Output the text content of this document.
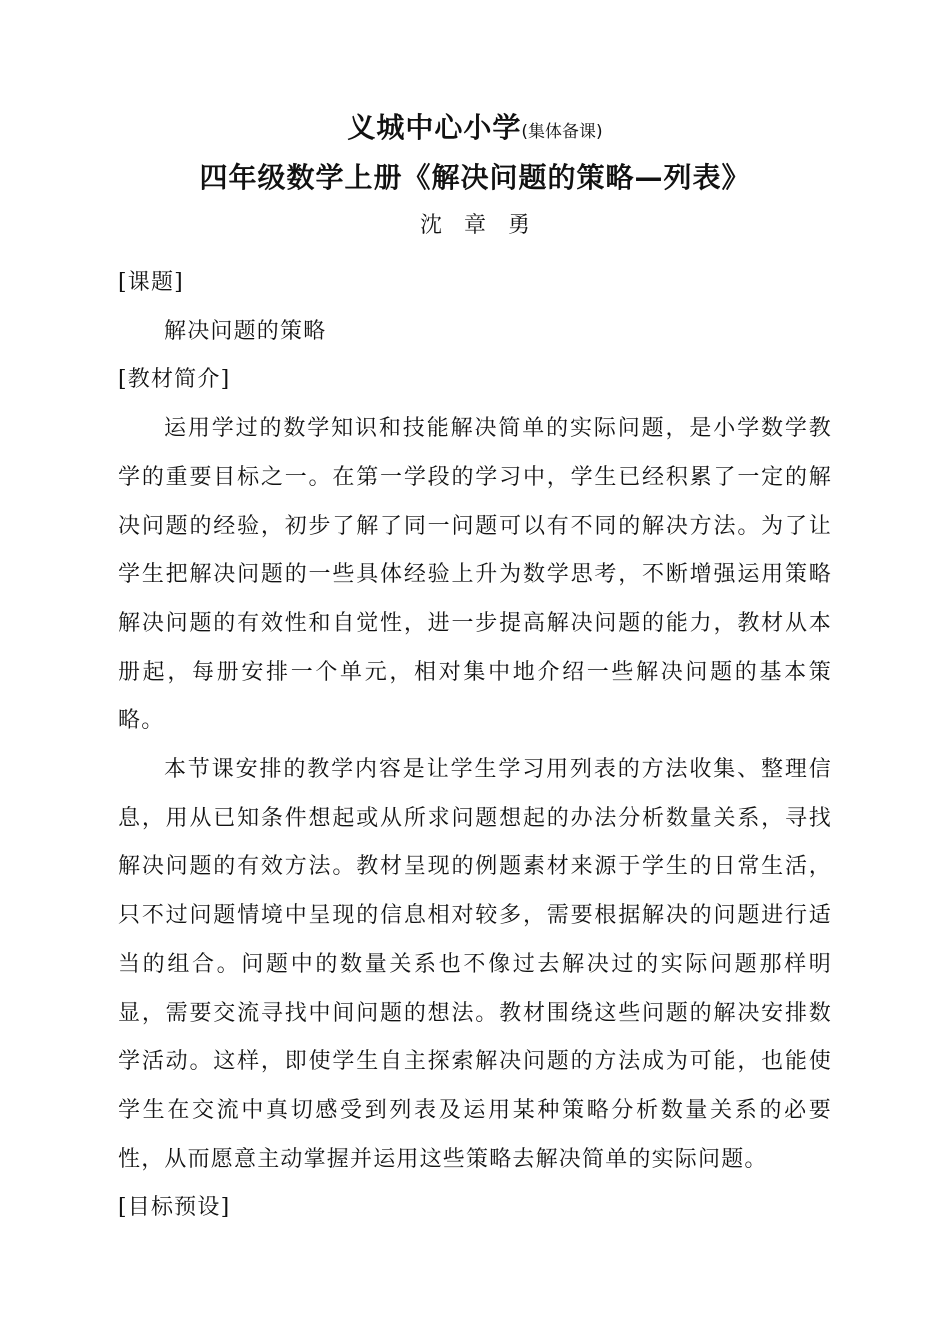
义城中心小学(集体备课)
四年级数学上册《解决问题的策略—列表》
沈章勇

[课题]

解决问题的策略

[教材简介]

运用学过的数学知识和技能解决简单的实际问题，是小学数学教学的重要目标之一。在第一学段的学习中，学生已经积累了一定的解决问题的经验，初步了解了同一问题可以有不同的解决方法。为了让学生把解决问题的一些具体经验上升为数学思考，不断增强运用策略解决问题的有效性和自觉性，进一步提高解决问题的能力，教材从本册起，每册安排一个单元，相对集中地介绍一些解决问题的基本策略。

本节课安排的教学内容是让学生学习用列表的方法收集、整理信息，用从已知条件想起或从所求问题想起的办法分析数量关系，寻找解决问题的有效方法。教材呈现的例题素材来源于学生的日常生活，只不过问题情境中呈现的信息相对较多，需要根据解决的问题进行适当的组合。问题中的数量关系也不像过去解决过的实际问题那样明显，需要交流寻找中间问题的想法。教材围绕这些问题的解决安排数学活动。这样，即使学生自主探索解决问题的方法成为可能，也能使学生在交流中真切感受到列表及运用某种策略分析数量关系的必要性，从而愿意主动掌握并运用这些策略去解决简单的实际问题。

[目标预设]
